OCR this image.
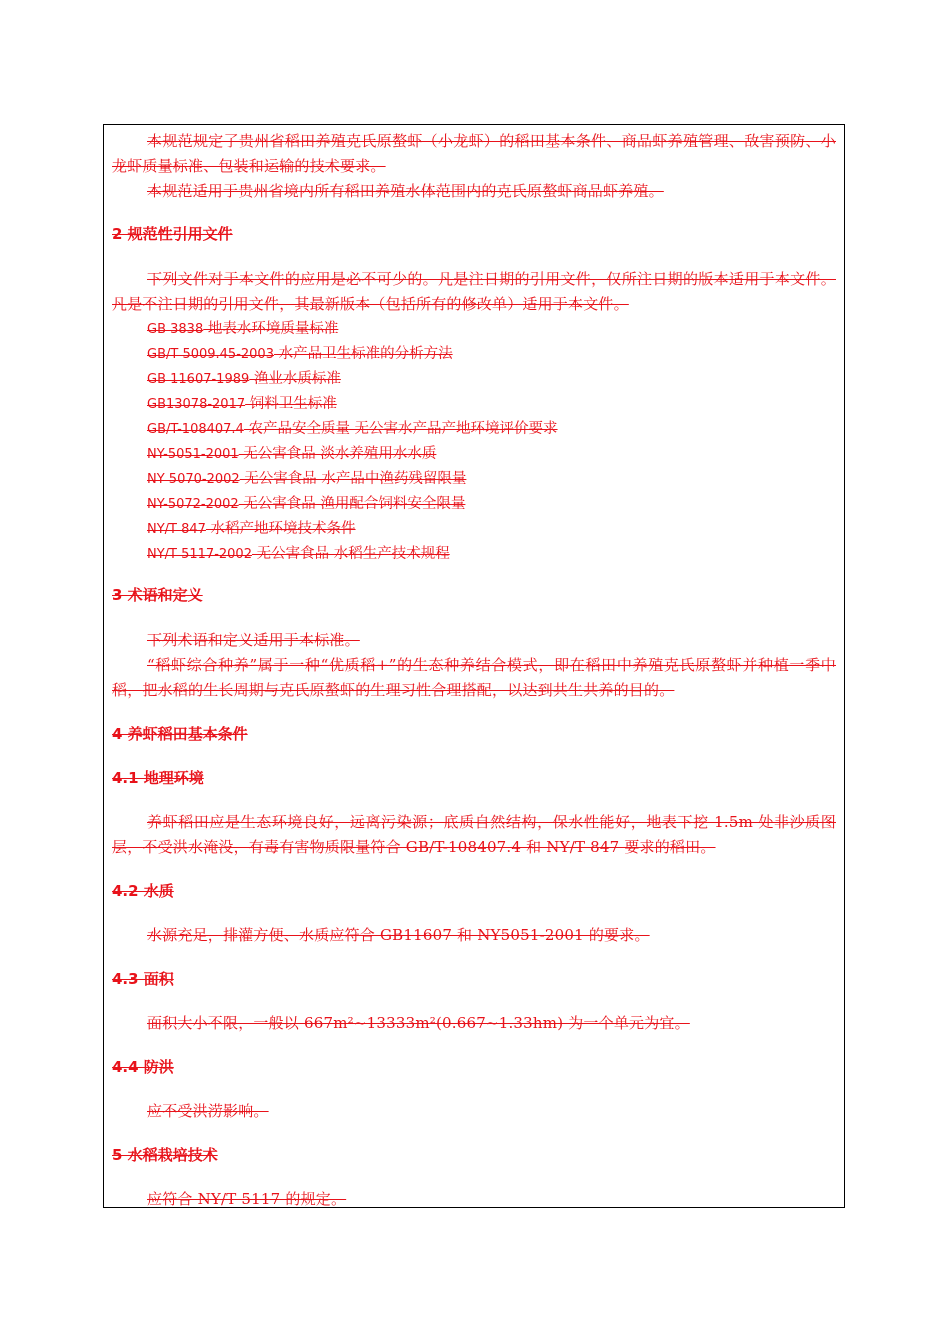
本规范规定了贵州省稻田养殖克氏原螯虾（小龙虾）的稻田基本条件、商品虾养殖管理、敌害预防、小龙虾质量标准、包装和运输的技术要求。

本规范适用于贵州省境内所有稻田养殖水体范围内的克氏原螯虾商品虾养殖。

2 规范性引用文件

下列文件对于本文件的应用是必不可少的。凡是注日期的引用文件，仅所注日期的版本适用于本文件。凡是不注日期的引用文件，其最新版本（包括所有的修改单）适用于本文件。

GB 3838 地表水环境质量标准

GB/T 5009.45-2003 水产品卫生标准的分析方法

GB 11607-1989 渔业水质标准

GB13078-2017 饲料卫生标准

GB/T-108407.4 农产品安全质量 无公害水产品产地环境评价要求

NY-5051-2001 无公害食品 淡水养殖用水水质

NY 5070-2002 无公害食品 水产品中渔药残留限量

NY-5072-2002 无公害食品 渔用配合饲料安全限量

NY/T 847 水稻产地环境技术条件

NY/T 5117-2002 无公害食品 水稻生产技术规程

3 术语和定义

下列术语和定义适用于本标准。

“稻虾综合种养”属于一种“优质稻+”的生态种养结合模式，即在稻田中养殖克氏原螯虾并种植一季中稻，把水稻的生长周期与克氏原螯虾的生理习性合理搭配，以达到共生共养的目的。

4 养虾稻田基本条件

4.1 地理环境

养虾稻田应是生态环境良好，远离污染源；底质自然结构，保水性能好，地表下挖 1.5m 处非沙质图层，不受洪水淹没，有毒有害物质限量符合 GB/T-108407.4 和 NY/T 847 要求的稻田。

4.2 水质

水源充足，排灌方便、水质应符合 GB11607 和 NY5051-2001 的要求。

4.3 面积

面积大小不限，一般以 667m²~13333m²(0.667~1.33hm) 为一个单元为宜。

4.4 防洪

应不受洪涝影响。

5 水稻栽培技术

应符合 NY/T 5117 的规定。
